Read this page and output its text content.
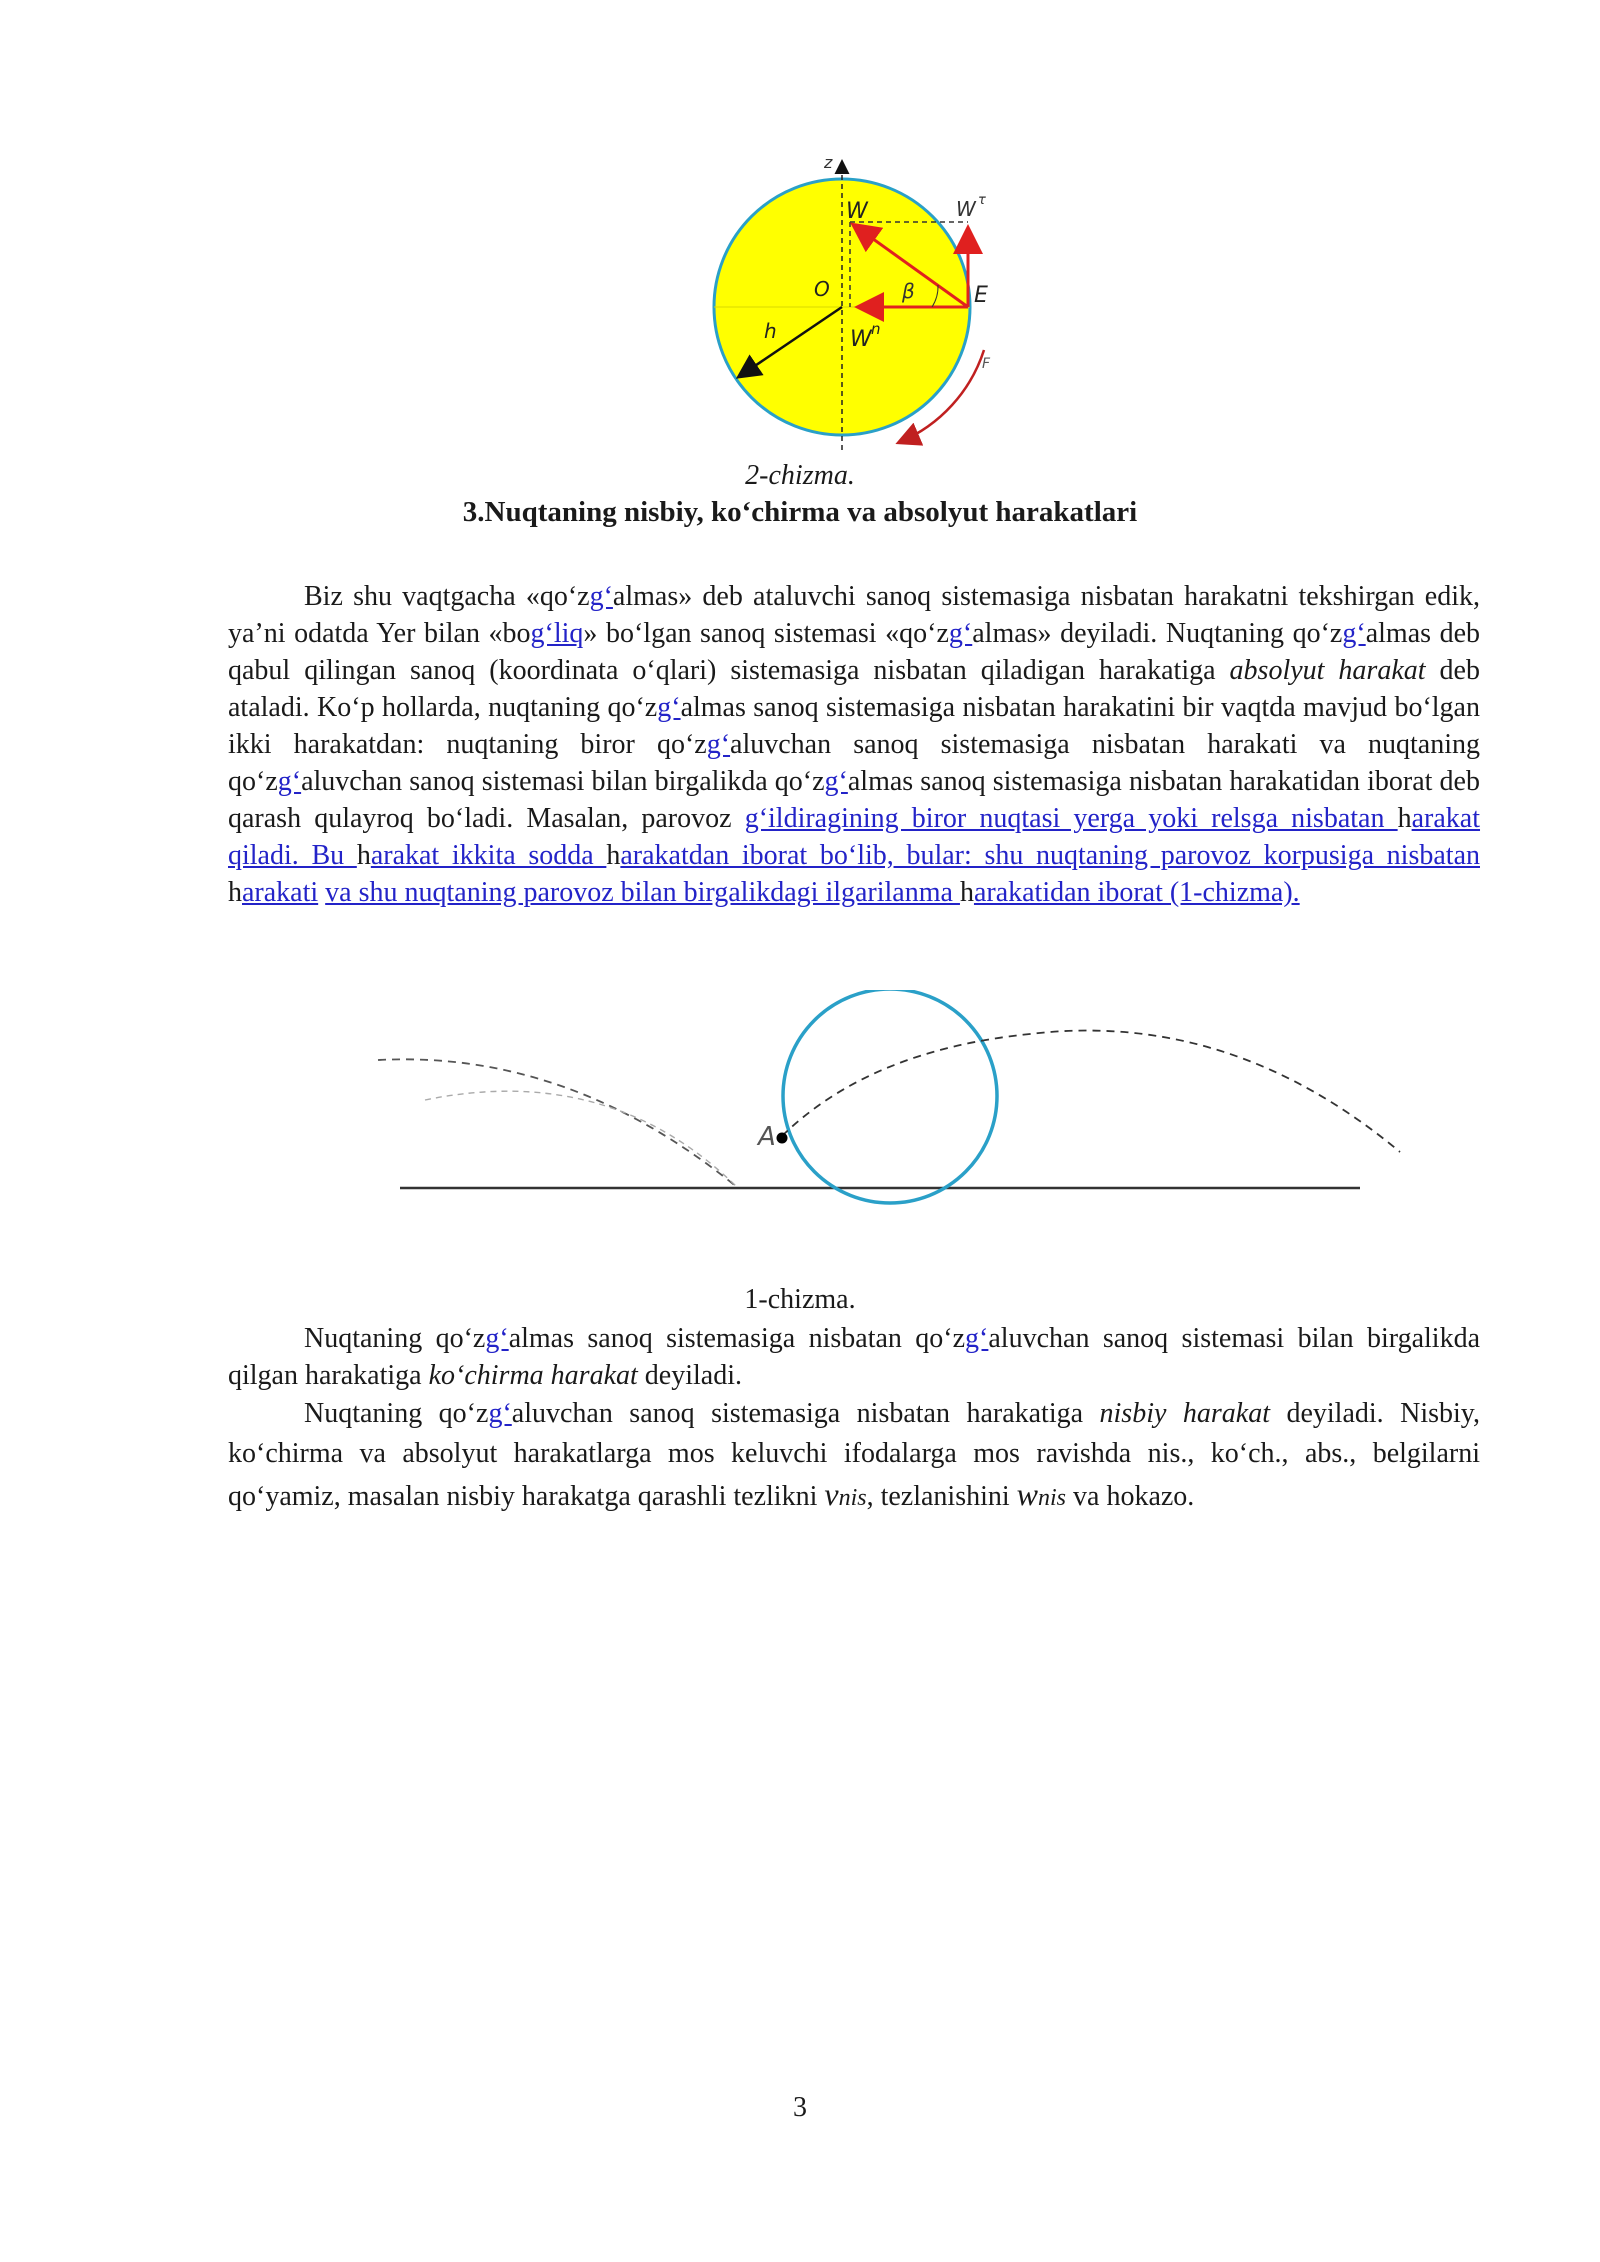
z
W	W τ
O	β	E
h	W n
F
2-chizma.
3.Nuqtaning nisbiy, ko‘chirma va absolyut harakatlari
Biz shu vaqtgacha «qo‘zg‘almas» deb ataluvchi sanoq sistemasiga nisbatan harakatni tekshirgan edik, ya’ni odatda Yer bilan «bog‘liq» bo‘lgan sanoq sistemasi «qo‘zg‘almas» deyiladi. Nuqtaning qo‘zg‘almas deb qabul qilingan sanoq (koordinata o‘qlari) sistemasiga nisbatan qiladigan harakatiga absolyut harakat deb ataladi. Ko‘p hollarda, nuqtaning qo‘zg‘almas sanoq sistemasiga nisbatan harakatini bir vaqtda mavjud bo‘lgan ikki harakatdan: nuqtaning biror qo‘zg‘aluvchan sanoq sistemasiga nisbatan harakati va nuqtaning qo‘zg‘aluvchan sanoq sistemasi bilan birgalikda qo‘zg‘almas sanoq sistemasiga nisbatan harakatidan iborat deb qarash qulayroq bo‘ladi. Masalan, parovoz g‘ildiragining biror nuqtasi yerga yoki relsga nisbatan harakat qiladi. Bu harakat ikkita sodda harakatdan iborat bo‘lib, bular: shu nuqtaning parovoz korpusiga nisbatan harakati va shu nuqtaning parovoz bilan birgalikdagi ilgarilanma harakatidan iborat (1-chizma).
A
1-chizma.
Nuqtaning qo‘zg‘almas sanoq sistemasiga nisbatan qo‘zg‘aluvchan sanoq sistemasi bilan birgalikda qilgan harakatiga ko‘chirma harakat deyiladi.
Nuqtaning qo‘zg‘aluvchan sanoq sistemasiga nisbatan harakatiga nisbiy harakat deyiladi. Nisbiy, ko‘chirma va absolyut harakatlarga mos keluvchi ifodalarga mos ravishda nis., ko‘ch., abs., belgilarni qo‘yamiz, masalan nisbiy harakatga qarashli tezlikni vnis, tezlanishini wnis va hokazo.
3
